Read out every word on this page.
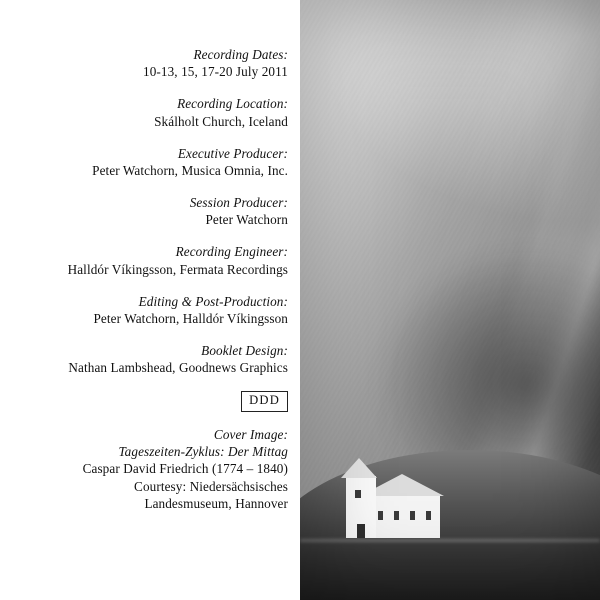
Recording Dates:
10-13, 15, 17-20 July 2011
Recording Location:
Skálholt Church, Iceland
Executive Producer:
Peter Watchorn, Musica Omnia, Inc.
Session Producer:
Peter Watchorn
Recording Engineer:
Halldór Víkingsson, Fermata Recordings
Editing & Post-Production:
Peter Watchorn, Halldór Víkingsson
Booklet Design:
Nathan Lambshead, Goodnews Graphics
DDD
Cover Image:
Tageszeiten-Zyklus: Der Mittag
Caspar David Friedrich (1774 – 1840)
Courtesy: Niedersächsisches
Landesmuseum, Hannover
